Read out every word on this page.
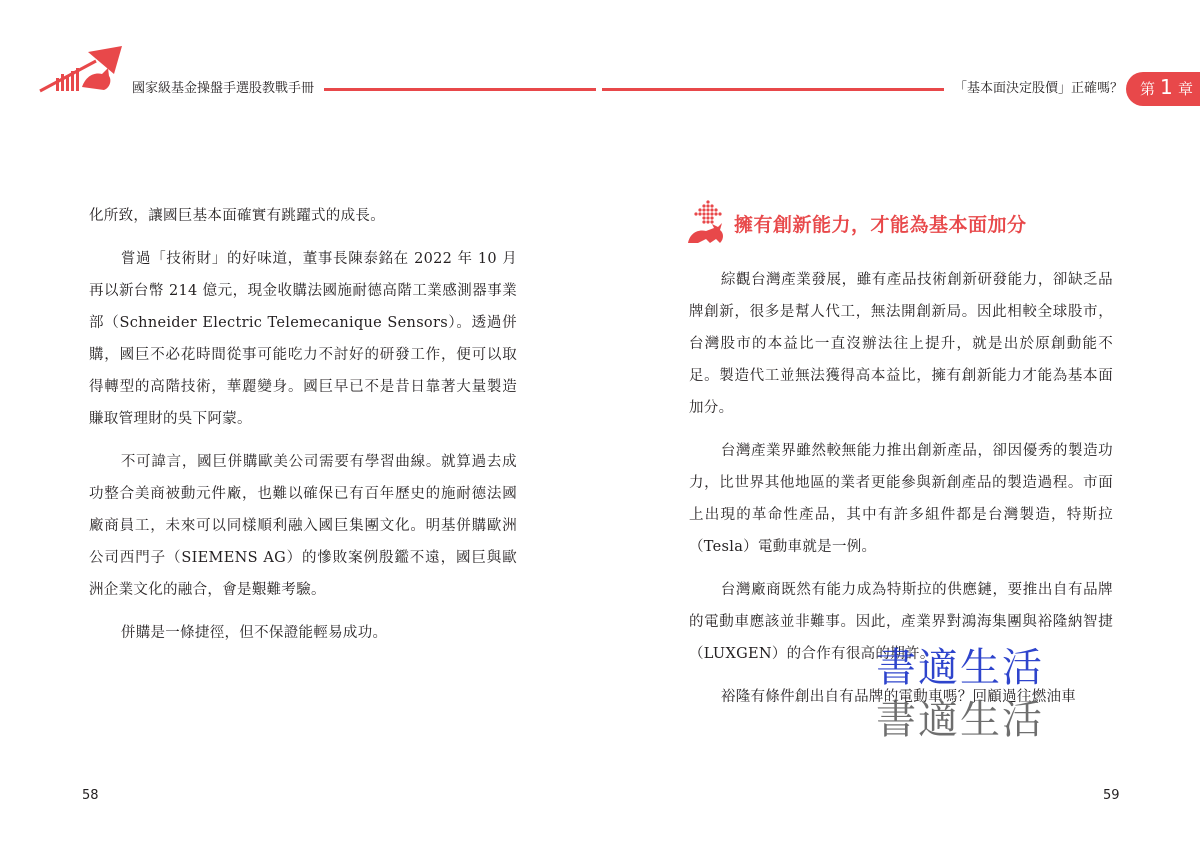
國家級基金操盤手選股教戰手冊	「基本面決定股價」正確嗎？ 第 1 章

化所致，讓國巨基本面確實有跳躍式的成長。

嘗過「技術財」的好味道，董事長陳泰銘在 2022 年 10 月再以新台幣 214 億元，現金收購法國施耐德高階工業感測器事業部（Schneider Electric Telemecanique Sensors）。透過併購，國巨不必花時間從事可能吃力不討好的研發工作，便可以取得轉型的高階技術，華麗變身。國巨早已不是昔日靠著大量製造賺取管理財的吳下阿蒙。

不可諱言，國巨併購歐美公司需要有學習曲線。就算過去成功整合美商被動元件廠，也難以確保已有百年歷史的施耐德法國廠商員工，未來可以同樣順利融入國巨集團文化。明基併購歐洲公司西門子（SIEMENS AG）的慘敗案例殷鑑不遠，國巨與歐洲企業文化的融合，會是艱難考驗。

併購是一條捷徑，但不保證能輕易成功。

擁有創新能力，才能為基本面加分

綜觀台灣產業發展，雖有產品技術創新研發能力，卻缺乏品牌創新，很多是幫人代工，無法開創新局。因此相較全球股市，台灣股市的本益比一直沒辦法往上提升，就是出於原創動能不足。製造代工並無法獲得高本益比，擁有創新能力才能為基本面加分。

台灣產業界雖然較無能力推出創新產品，卻因優秀的製造功力，比世界其他地區的業者更能參與新創產品的製造過程。市面上出現的革命性產品，其中有許多組件都是台灣製造，特斯拉（Tesla）電動車就是一例。

台灣廠商既然有能力成為特斯拉的供應鏈，要推出自有品牌的電動車應該並非難事。因此，產業界對鴻海集團與裕隆納智捷（LUXGEN）的合作有很高的期許。

裕隆有條件創出自有品牌的電動車嗎？回顧過往燃油車

書適生活
書適生活
58	59
